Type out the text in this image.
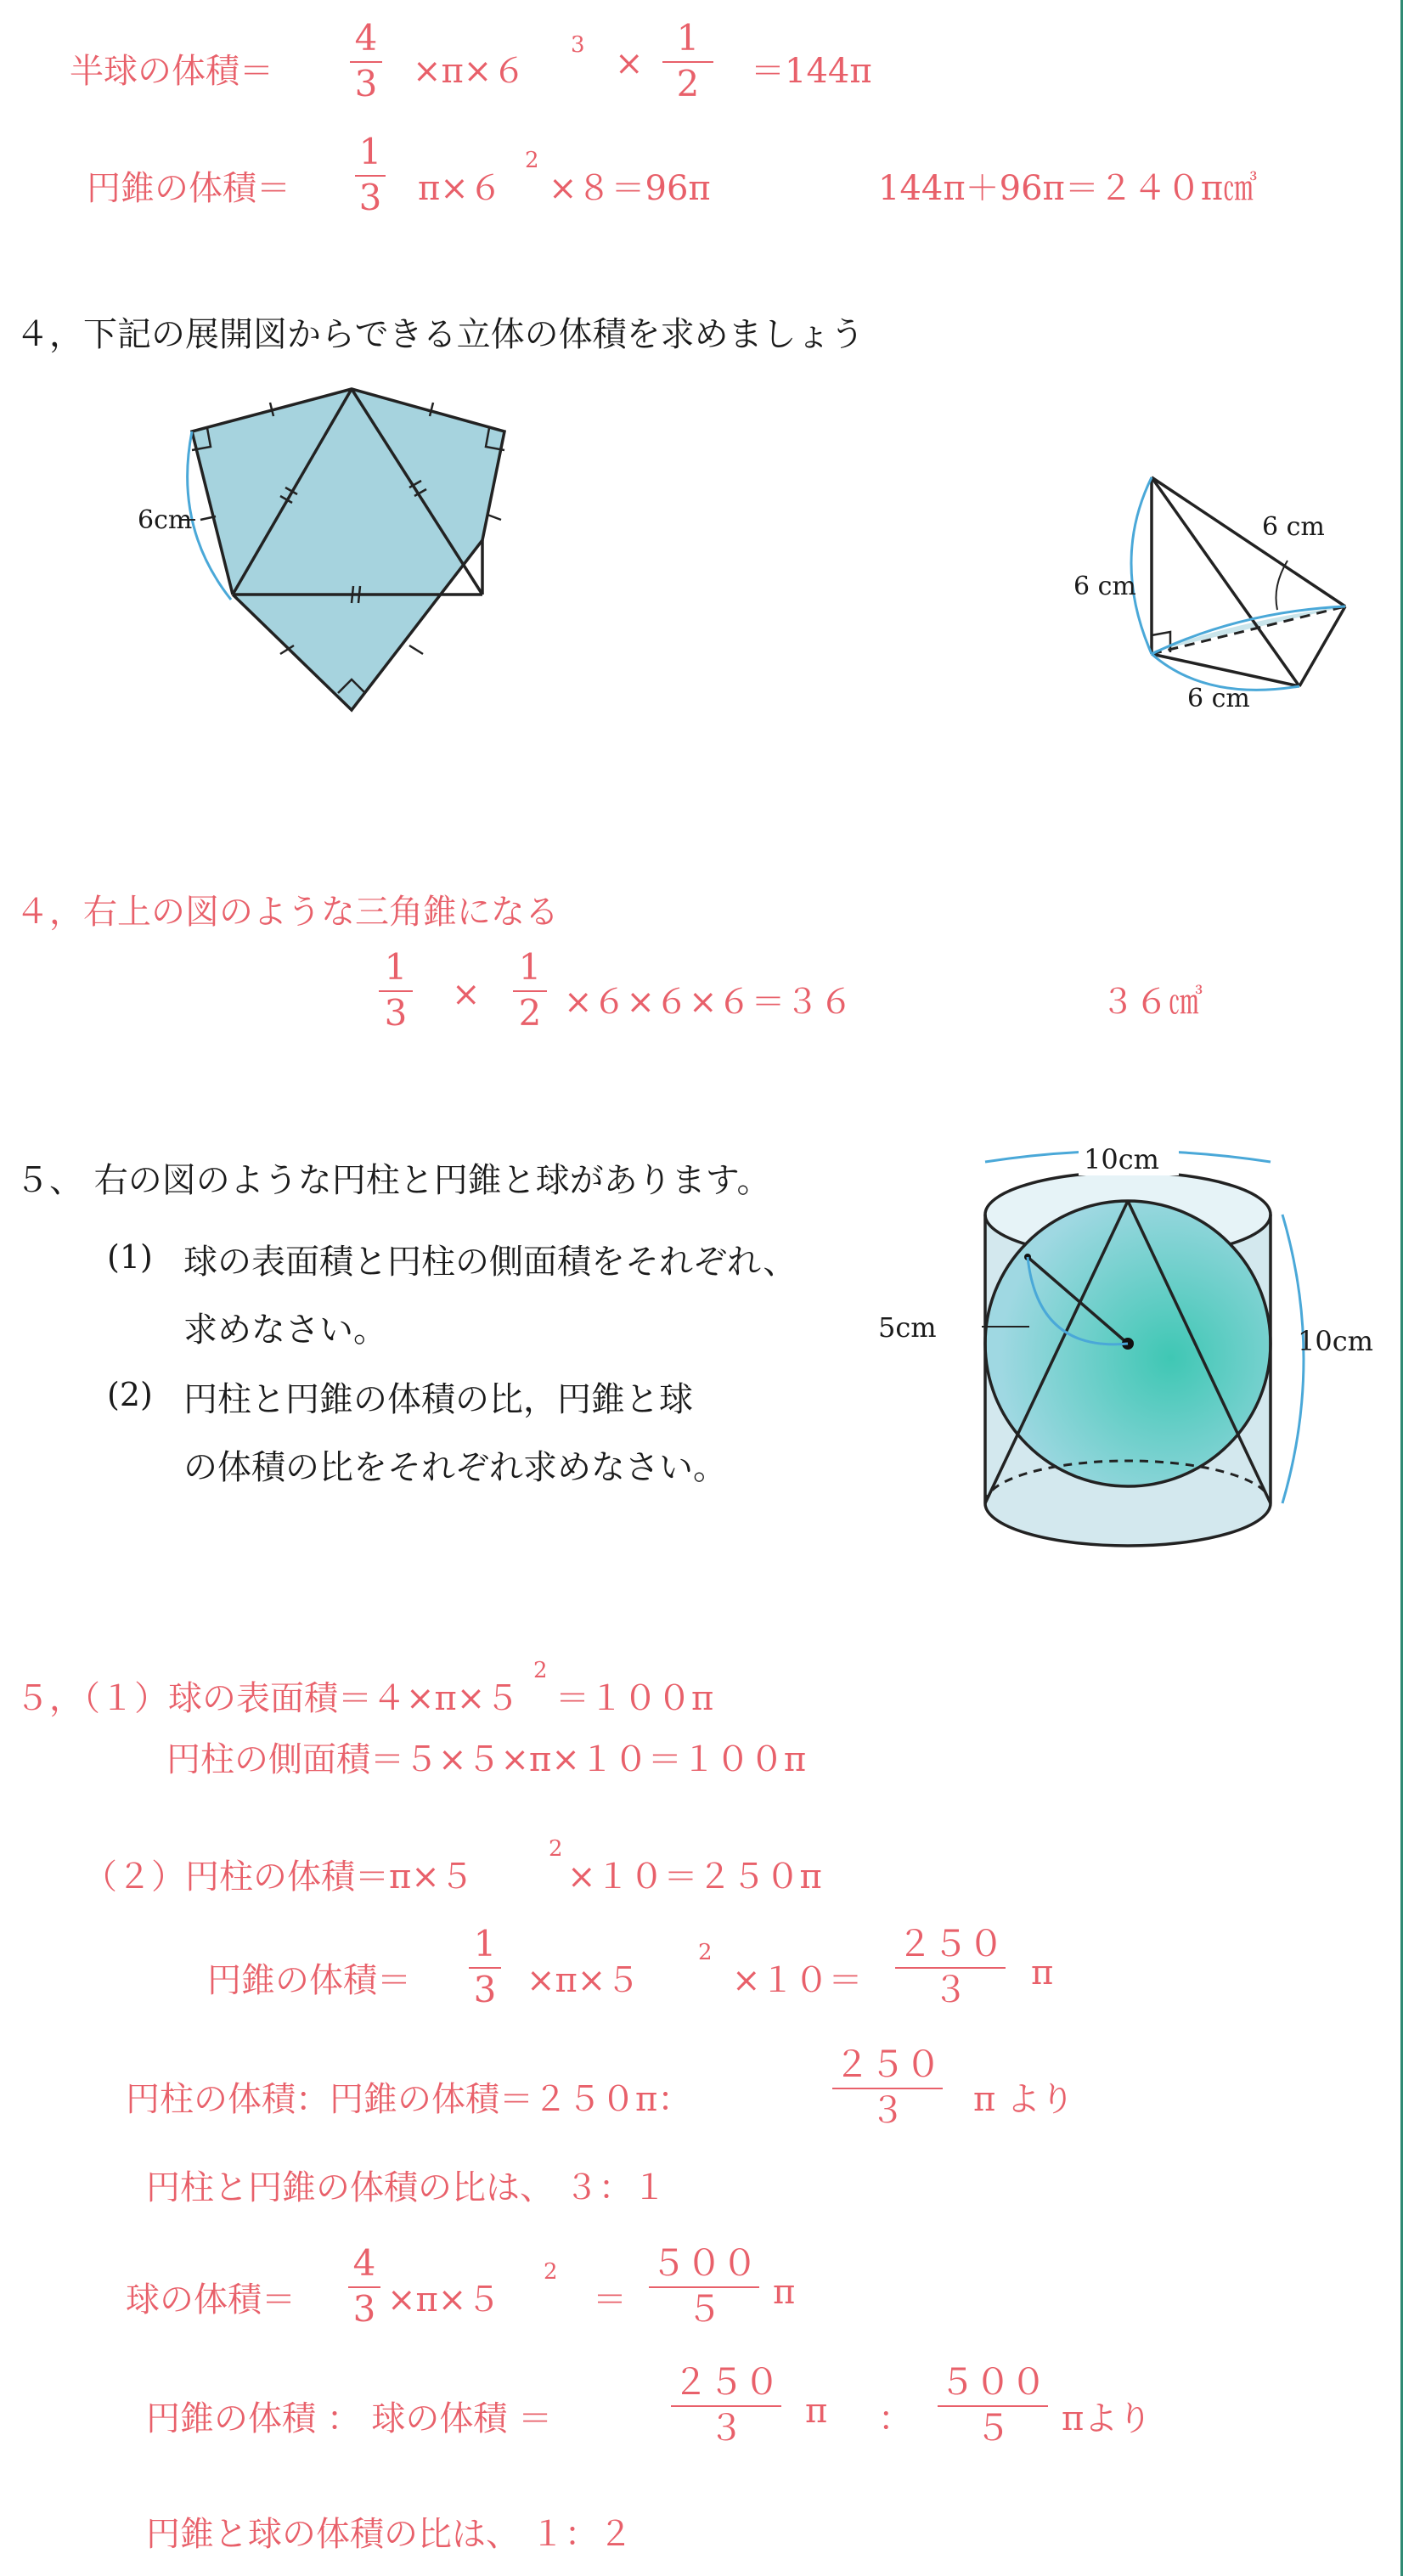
半球の体積＝
4
3 ×π×６
3 ×
1
2 ＝144π
円錐の体積＝
1
3 π×６
2
×８＝96π	144π＋96π＝２４０π㎤
４，下記の展開図からできる立体の体積を求めましょう
6cm
6 cm
6 cm
6 cm
４，右上の図のような三角錐になる
1
3 ×
1
2 ×６×６×６＝３６	３６㎤
５、 右の図のような円柱と円錐と球があります。
(1) 球の表面積と円柱の側面積をそれぞれ、
求めなさい。
(2) 円柱と円錐の体積の比，円錐と球
の体積の比をそれぞれ求めなさい。
10cm
10cm
5cm
５，（１）球の表面積＝４×π×５
2
＝１００π
円柱の側面積＝５×５×π×１０＝１００π
（２）円柱の体積＝π×５
2
×１０＝２５０π
円錐の体積＝
1
3 ×π×５
2
×１０＝
２５０
３ π
円柱の体積：円錐の体積＝２５０π：
２５０
３ π より
円柱と円錐の体積の比は、 ３：１
球の体積＝
4
3 ×π×５
2
＝
５００
５ π
円錐の体積 ： 球の体積 ＝
２５０
３ π ：
５００
５ πより
円錐と球の体積の比は、 １：２
